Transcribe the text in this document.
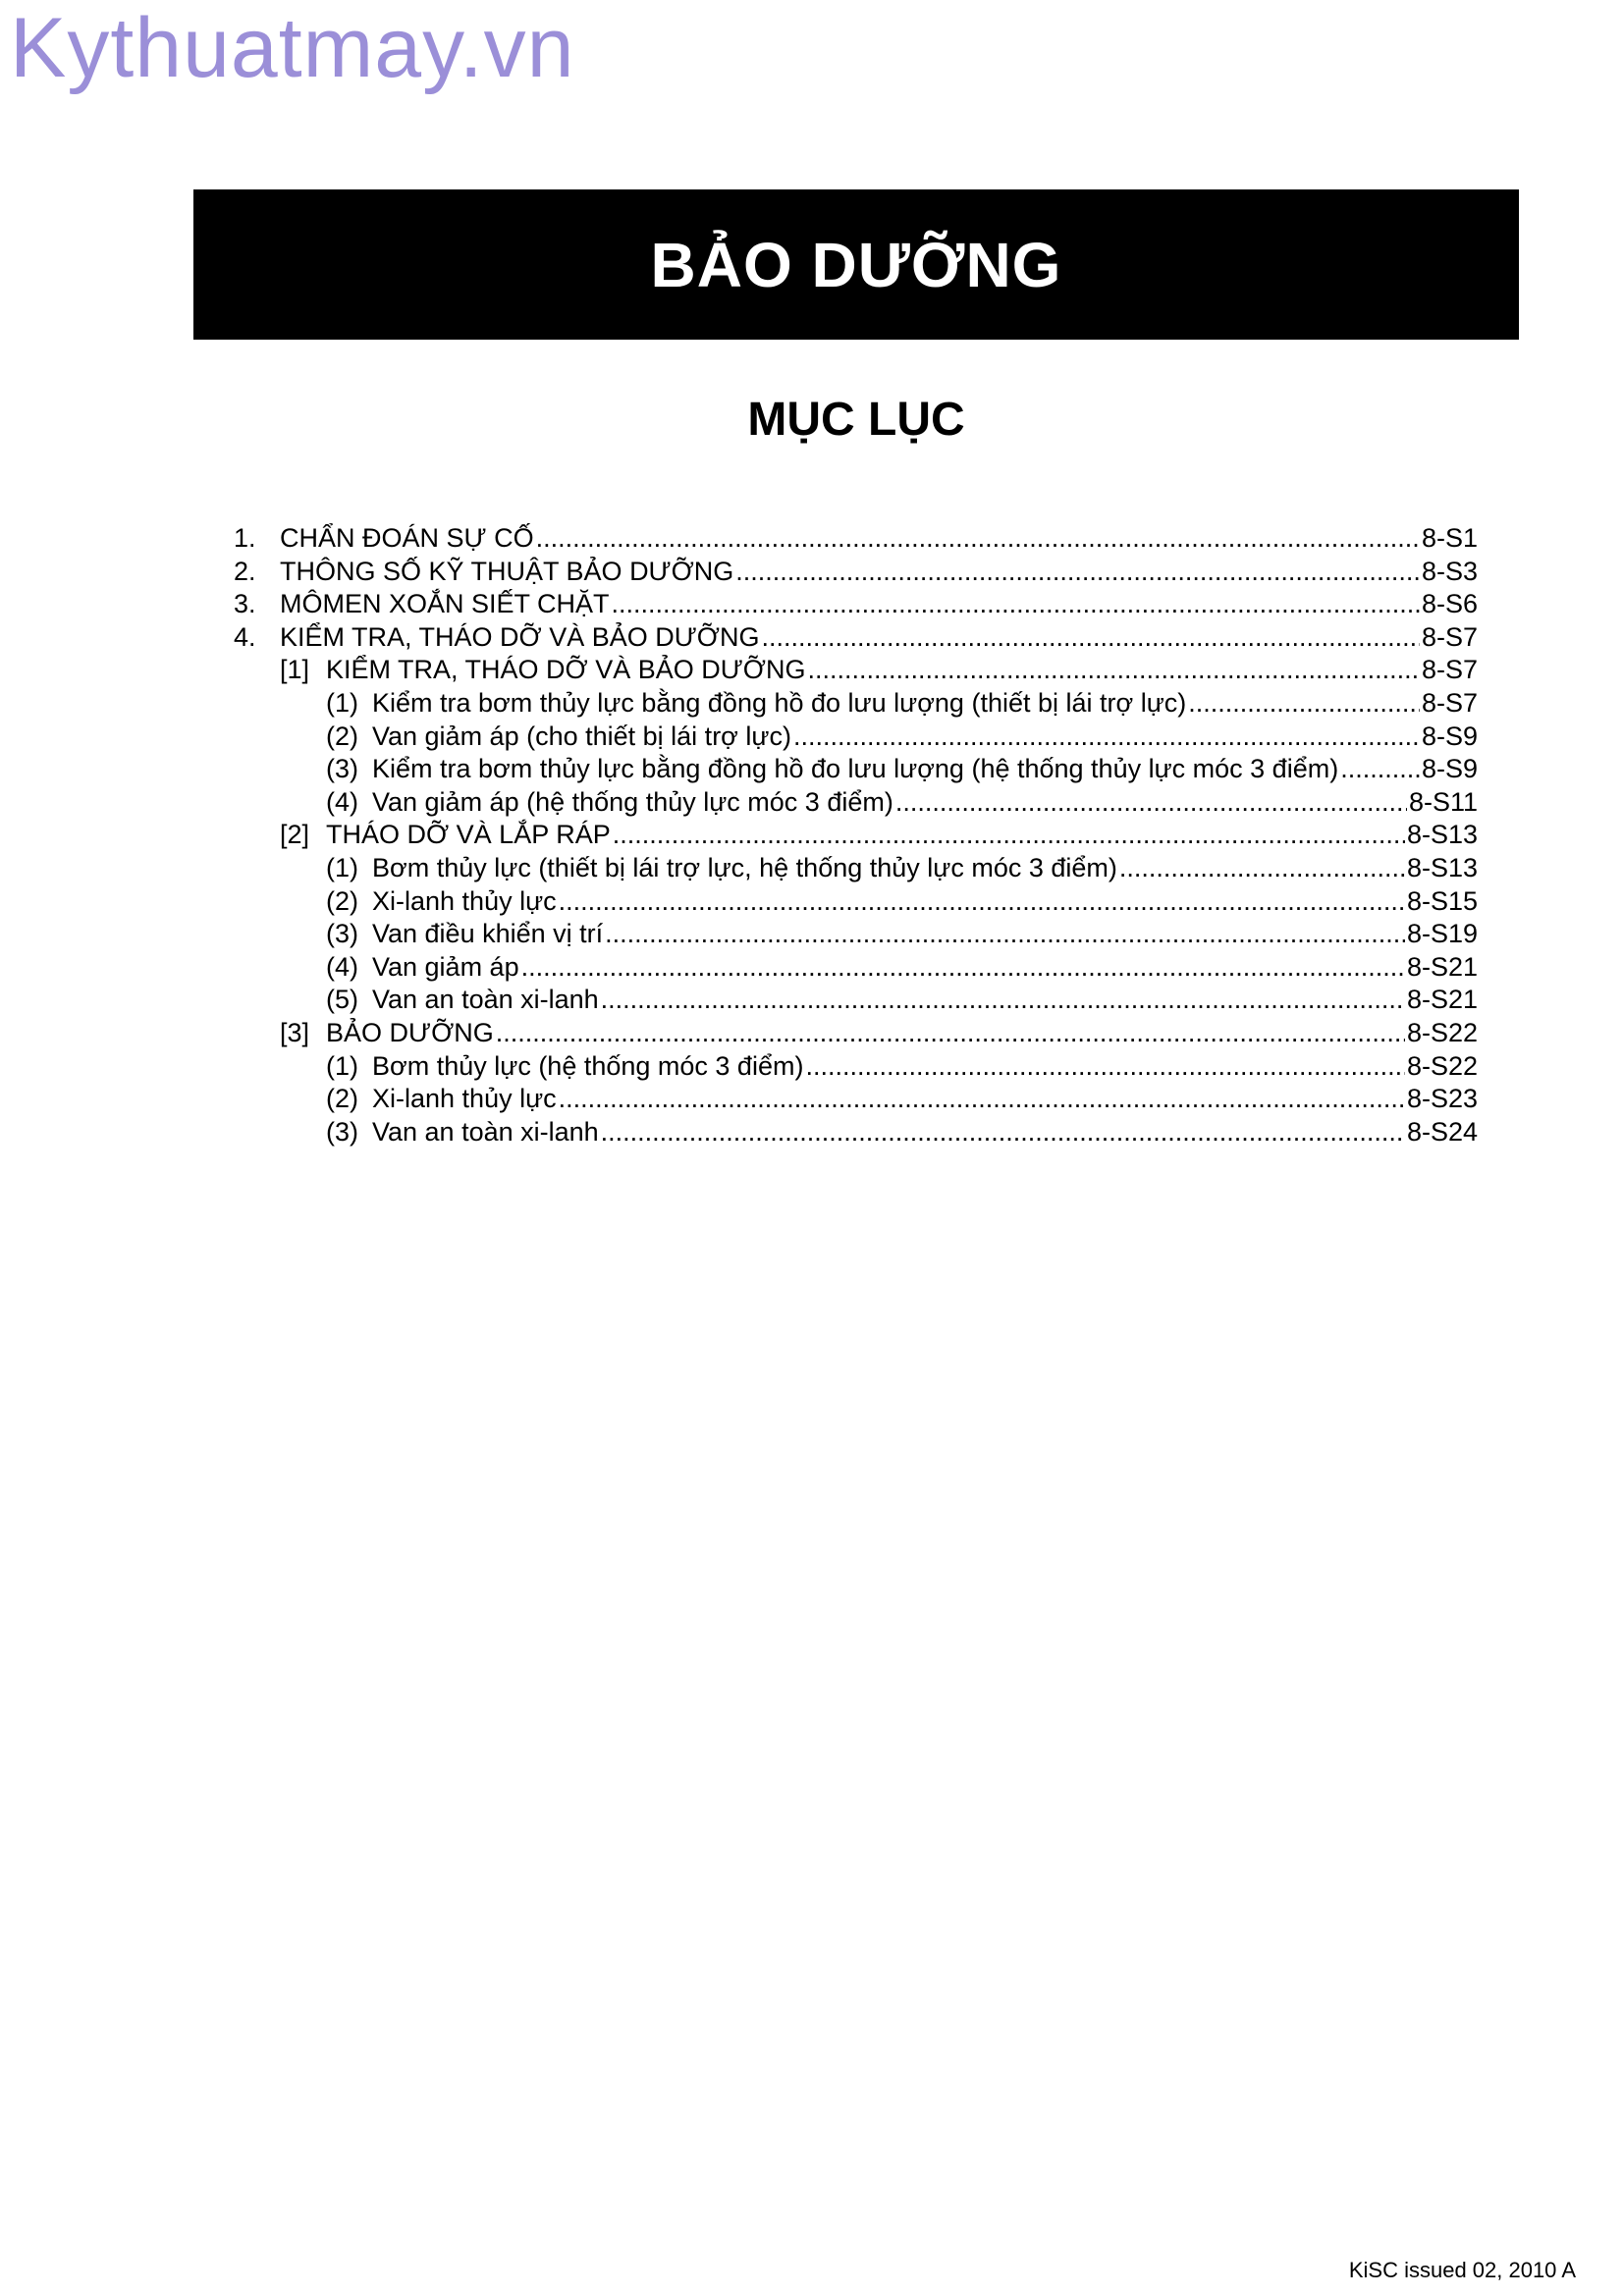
Kythuatmay.vn
BẢO DƯỠNG
MỤC LỤC
1. CHẨN ĐOÁN SỰ CỐ .....	8-S1
2. THÔNG SỐ KỸ THUẬT BẢO DƯỠNG .....	8-S3
3. MÔMEN XOẮN SIẾT CHẶT .....	8-S6
4. KIỂM TRA, THÁO DỠ VÀ BẢO DƯỠNG .....	8-S7
[1] KIỂM TRA, THÁO DỠ VÀ BẢO DƯỠNG .....	8-S7
(1) Kiểm tra bơm thủy lực bằng đồng hồ đo lưu lượng (thiết bị lái trợ lực) .....	8-S7
(2) Van giảm áp (cho thiết bị lái trợ lực) .....	8-S9
(3) Kiểm tra bơm thủy lực bằng đồng hồ đo lưu lượng (hệ thống thủy lực móc 3 điểm) .....	8-S9
(4) Van giảm áp (hệ thống thủy lực móc 3 điểm) .....	8-S11
[2] THÁO DỠ VÀ LẮP RÁP .....	8-S13
(1) Bơm thủy lực (thiết bị lái trợ lực, hệ thống thủy lực móc 3 điểm) .....	8-S13
(2) Xi-lanh thủy lực .....	8-S15
(3) Van điều khiển vị trí .....	8-S19
(4) Van giảm áp .....	8-S21
(5) Van an toàn xi-lanh .....	8-S21
[3] BẢO DƯỠNG .....	8-S22
(1) Bơm thủy lực (hệ thống móc 3 điểm) .....	8-S22
(2) Xi-lanh thủy lực .....	8-S23
(3) Van an toàn xi-lanh .....	8-S24
KiSC issued 02, 2010 A
